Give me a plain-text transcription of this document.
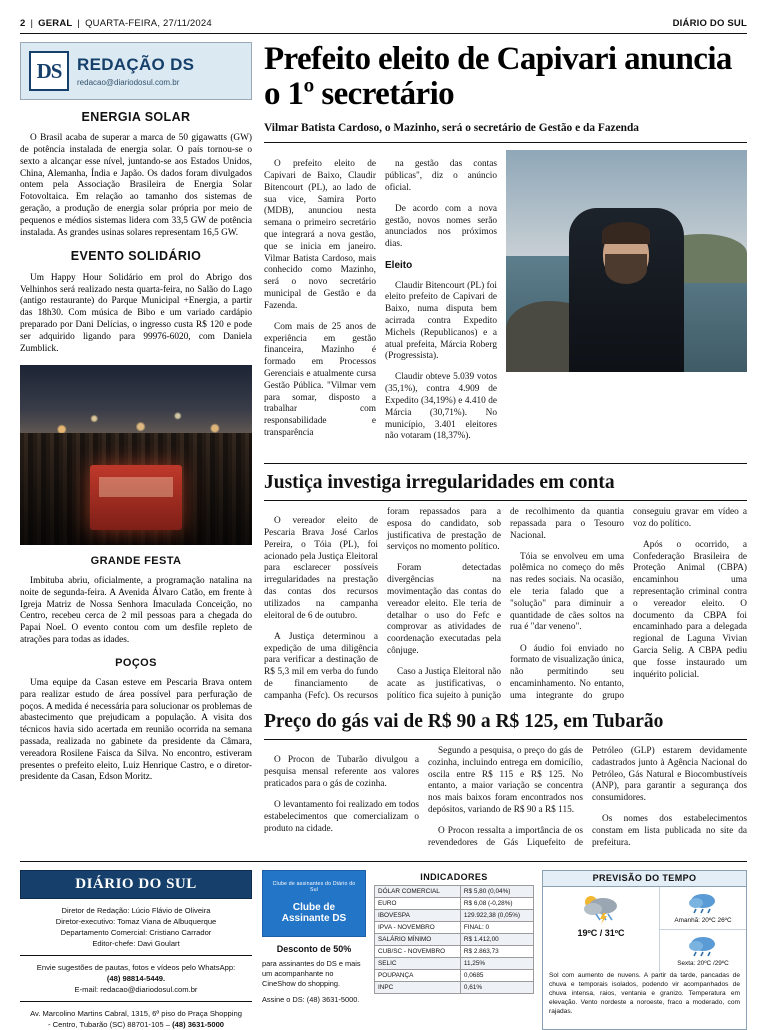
2 | GERAL | QUARTA-FEIRA, 27/11/2024	DIÁRIO DO SUL
DS REDAÇÃO DS
redacao@diariodosul.com.br
ENERGIA SOLAR

O Brasil acaba de superar a marca de 50 gigawatts (GW) de potência instalada de energia solar. O país tornou-se o sexto a alcançar esse nível, juntando-se aos Estados Unidos, China, Alemanha, Índia e Japão. Os dados foram divulgados ontem pela Associação Brasileira de Energia Solar Fotovoltaica. Em relação ao tamanho dos sistemas de geração, a produção de energia solar própria por meio de pequenos e médios sistemas lidera com 33,5 GW de potência instalada. As grandes usinas solares representam 16,5 GW.

EVENTO SOLIDÁRIO

Um Happy Hour Solidário em prol do Abrigo dos Velhinhos será realizado nesta quarta-feira, no Salão do Lago (antigo restaurante) do Parque Municipal +Energia, a partir das 18h30. Com música de Bibo e um variado cardápio preparado por Dani Delícias, o ingresso custa R$ 120 e pode ser adquirido ligando para 99976-6020, com Daniela Zumblick.

GRANDE FESTA

Imbituba abriu, oficialmente, a programação natalina na noite de segunda-feira. A Avenida Álvaro Catão, em frente à Igreja Matriz de Nossa Senhora Imaculada Conceição, no Centro, recebeu cerca de 2 mil pessoas para a chegada do Papai Noel. O evento contou com um desfile repleto de atrações para todas as idades.

POÇOS

Uma equipe da Casan esteve em Pescaria Brava ontem para realizar estudo de área possível para perfuração de poços. A medida é necessária para solucionar os problemas de abastecimento que prejudicam a população. A visita dos técnicos havia sido acertada em reunião ocorrida na semana passada, realizada no gabinete da presidente da Câmara, vereadora Rosilene Faisca da Silva. No encontro, estiveram presentes o prefeito eleito, Luiz Henrique Castro, e o diretor-presidente da Casan, Edson Moritz.

Prefeito eleito de Capivari anuncia o 1º secretário
Vilmar Batista Cardoso, o Mazinho, será o secretário de Gestão e da Fazenda

O prefeito eleito de Capivari de Baixo, Claudir Bitencourt (PL), ao lado de sua vice, Samira Porto (MDB), anunciou nesta semana o primeiro secretário que integrará a nova gestão, que se inicia em janeiro. Vilmar Batista Cardoso, mais conhecido como Mazinho, será o novo secretário municipal de Gestão e da Fazenda.

Com mais de 25 anos de experiência em gestão financeira, Mazinho é formado em Processos Gerenciais e atualmente cursa Gestão Pública. "Vilmar vem para somar, disposto a trabalhar com responsabilidade e transparência

na gestão das contas públicas", diz o anúncio oficial.

De acordo com a nova gestão, novos nomes serão anunciados nos próximos dias.

Eleito

Claudir Bitencourt (PL) foi eleito prefeito de Capivari de Baixo, numa disputa bem acirrada contra Expedito Michels (Republicanos) e a atual prefeita, Márcia Roberg (Progressista).

Claudir obteve 5.039 votos (35,1%), contra 4.909 de Expedito (34,19%) e 4.410 de Márcia (30,71%). No município, 3.401 eleitores não votaram (18,37%).

Justiça investiga irregularidades em conta

O vereador eleito de Pescaria Brava José Carlos Pereira, o Tóia (PL), foi acionado pela Justiça Eleitoral para esclarecer possíveis irregularidades na prestação das contas dos recursos utilizados na campanha eleitoral de 6 de outubro.

A Justiça determinou a expedição de uma diligência para verificar a destinação de R$ 5,3 mil em verba do fundo de financiamento de campanha (Fefc). Os recursos foram repassados para a esposa do candidato, sob justificativa de prestação de serviços no momento político.

Foram detectadas divergências na movimentação das contas do vereador eleito. Ele teria de detalhar o uso do Fefc e comprovar as atividades de coordenação executadas pela cônjuge.

Caso a Justiça Eleitoral não acate as justificativas, o político fica sujeito à punição de recolhimento da quantia repassada para o Tesouro Nacional.

Tóia se envolveu em uma polêmica no começo do mês nas redes sociais. Na ocasião, ele teria falado que a "solução" para diminuir a quantidade de cães soltos na rua é "dar veneno".

O áudio foi enviado no formato de visualização única, não permitindo seu encaminhamento. No entanto, uma integrante do grupo conseguiu gravar em vídeo a voz do político.

Após o ocorrido, a Confederação Brasileira de Proteção Animal (CBPA) encaminhou uma representação criminal contra o vereador eleito. O documento da CBPA foi encaminhado para a delegada regional de Laguna Vivian Garcia Selig. A CBPA pediu que fosse instaurado um inquérito policial.

Preço do gás vai de R$ 90 a R$ 125, em Tubarão

O Procon de Tubarão divulgou a pesquisa mensal referente aos valores praticados para o gás de cozinha.

O levantamento foi realizado em todos estabelecimentos que comercializam o produto na cidade.

Segundo a pesquisa, o preço do gás de cozinha, incluindo entrega em domicílio, oscila entre R$ 115 e R$ 125. No entanto, a maior variação se concentra nos mais baixos foram encontrados nos depósitos, variando de R$ 90 a R$ 115.

O Procon ressalta a importância de os revendedores de Gás Liquefeito de Petróleo (GLP) estarem devidamente cadastrados junto à Agência Nacional do Petróleo, Gás Natural e Biocombustíveis (ANP), para garantir a segurança dos consumidores.

Os nomes dos estabelecimentos constam em lista publicada no site da prefeitura.

DIÁRIO DO SUL
Diretor de Redação: Lúcio Flávio de Oliveira
Diretor-executivo: Tomaz Viana de Albuquerque
Departamento Comercial: Cristiano Carrador
Editor-chefe: Davi Goulart
Envie sugestões de pautas, fotos e vídeos pelo WhatsApp:
(48) 98814-5449.
E-mail: redacao@diariodosul.com.br
Av. Marcolino Martins Cabral, 1315, 6º piso do Praça Shopping
- Centro, Tubarão (SC) 88701-105 – (48) 3631-5000
Clube de assinantes do Diário do Sul
Clube de Assinante DS
Desconto de 50%
para assinantes do DS e mais um acompanhante no CineShow do shopping.
Assine o DS: (48) 3631-5000.
INDICADORES
DÓLAR COMERCIAL	R$ 5,80 (0,04%)
EURO	R$ 6,08 (-0,28%)
IBOVESPA	129.922,38 (0,05%)
IPVA - NOVEMBRO	FINAL: 0
SALÁRIO MÍNIMO	R$ 1.412,00
CUB/SC - NOVEMBRO	R$ 2.863,73
SELIC	11,25%
POUPANÇA	0,0685
INPC	0,61%
PREVISÃO DO TEMPO
19ºC / 31ºC
Amanhã: 20ºC 26ºC
Sexta: 20ºC /29ºC
Sol com aumento de nuvens. A partir da tarde, pancadas de chuva e temporais isolados, podendo vir acompanhados de chuva intensa, raios, ventania e granizo. Temperatura em elevação. Vento nordeste a noroeste, fraco a moderado, com rajadas.
